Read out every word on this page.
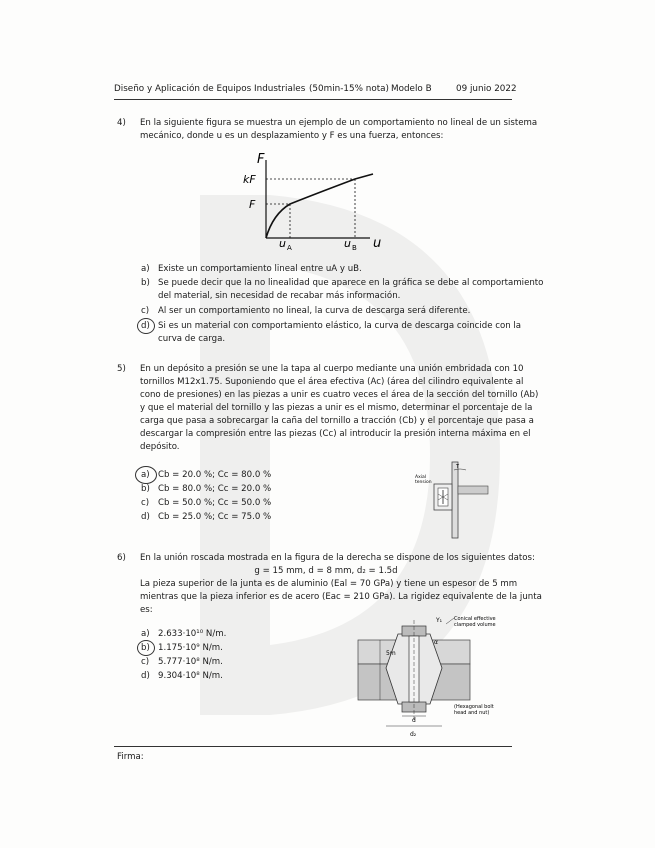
Diseño y Aplicación de Equipos Industriales (50min-15% nota) Modelo B	09 junio 2022
4) En la siguiente figura se muestra un ejemplo de un comportamiento no lineal de un sistema
mecánico, donde u es un desplazamiento y F es una fuerza, entonces:
F
kF
F
u A	u B u
a) Existe un comportamiento lineal entre uA y uB.
b) Se puede decir que la no linealidad que aparece en la gráfica se debe al comportamiento
del material, sin necesidad de recabar más información.
c) Al ser un comportamiento no lineal, la curva de descarga será diferente.
d) Si es un material con comportamiento elástico, la curva de descarga coincide con la
curva de carga.
5) En un depósito a presión se une la tapa al cuerpo mediante una unión embridada con 10
tornillos M12x1.75. Suponiendo que el área efectiva (Ac) (área del cilindro equivalente al
cono de presiones) en las piezas a unir es cuatro veces el área de la sección del tornillo (Ab)
y que el material del tornillo y las piezas a unir es el mismo, determinar el porcentaje de la
carga que pasa a sobrecargar la caña del tornillo a tracción (Cb) y el porcentaje que pasa a
descargar la compresión entre las piezas (Cc) al introducir la presión interna máxima en el
depósito.
a) Cb = 20.0 %; Cc = 80.0 %
b) Cb = 80.0 %; Cc = 20.0 %
c) Cb = 50.0 %; Cc = 50.0 %
d) Cb = 25.0 %; Cc = 75.0 %
Axial
tension
T
6) En la unión roscada mostrada en la figura de la derecha se dispone de los siguientes datos:
g = 15 mm, d = 8 mm, d₂ = 1.5d
La pieza superior de la junta es de aluminio (Eal = 70 GPa) y tiene un espesor de 5 mm
mientras que la pieza inferior es de acero (Eac = 210 GPa). La rigidez equivalente de la junta
es:
a) 2.633·10¹⁰ N/m.
b) 1.175·10⁹ N/m.
c) 5.777·10⁸ N/m.
d) 9.304·10⁸ N/m.
Conical effective
clamped volume
(Hexagonal bolt
head and nut)
5m
α
Y₁
d₂
d
Firma:
